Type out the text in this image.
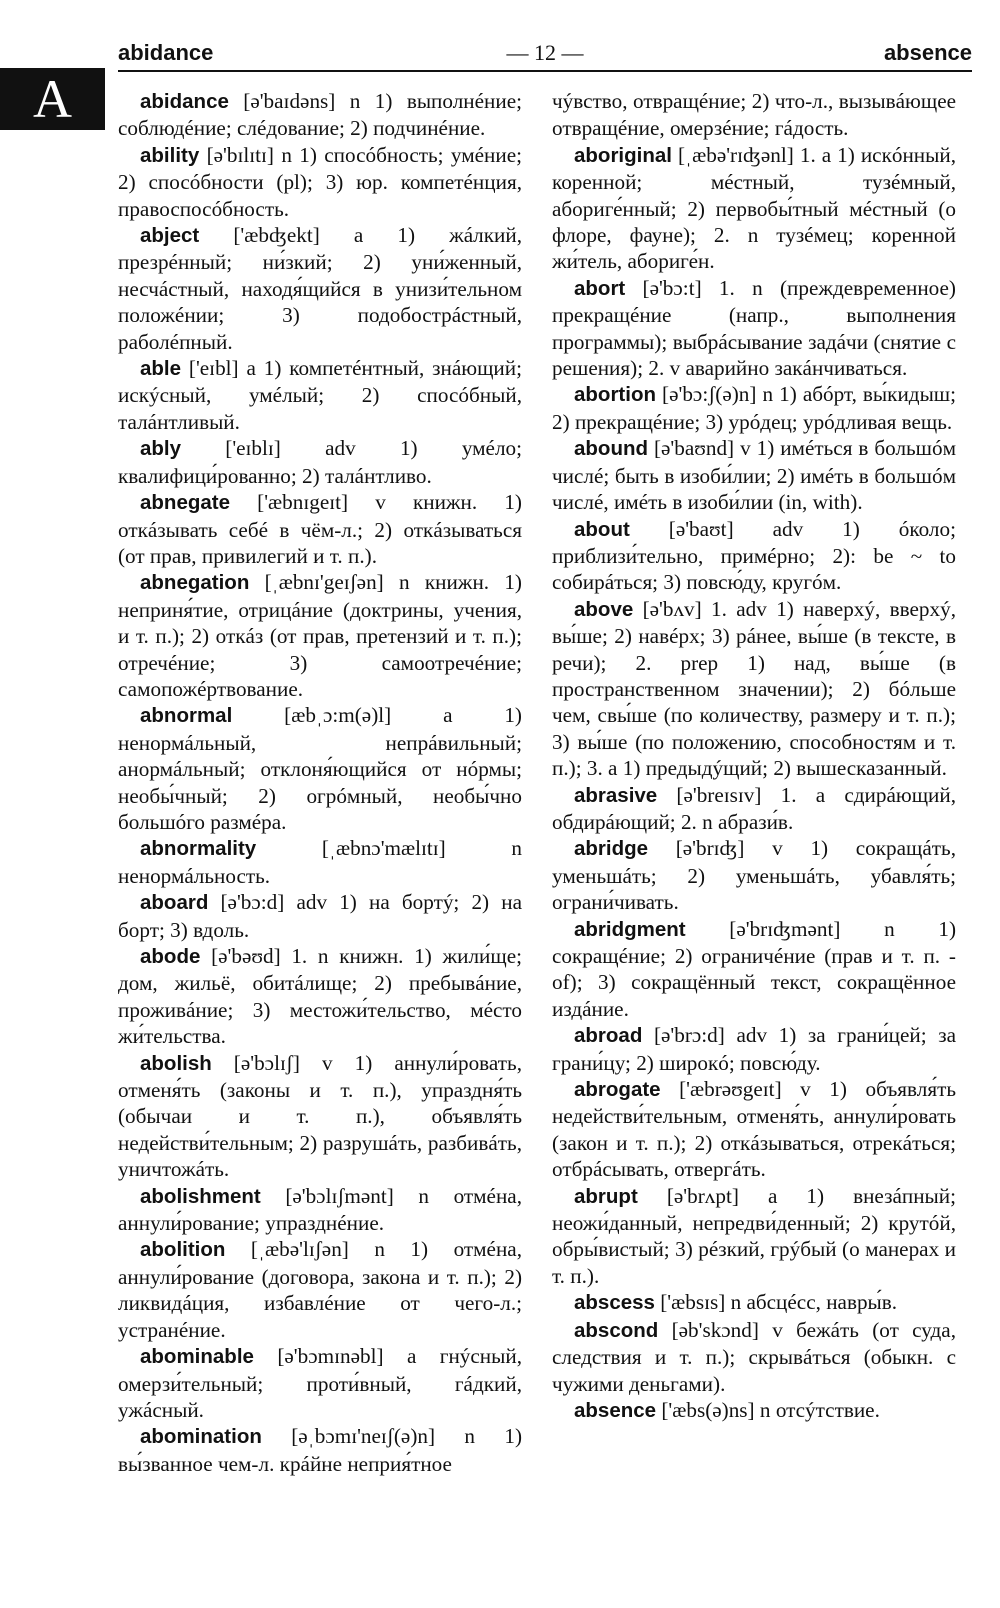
A
abidance	— 12 —	absence

abidance [ə'baɪdəns] n 1) выполнéние; соблюдéние; слéдование; 2) подчинéние.

ability [ə'bɪlɪtɪ] n 1) спосóбность; умéние; 2) спосóбности (pl); 3) юр. компетéнция, правоспосóбность.

abject ['æbʤekt] a 1) жáлкий, презрéнный; ни́зкий; 2) уни́женный, несчáстный, находя́щийся в унизи́тельном положéнии; 3) подобострáстный, раболéпный.

able ['eɪbl] a 1) компетéнтный, знáющий; искýсный, умéлый; 2) спосóбный, талáнтливый.

ably ['eɪblɪ] adv 1) умéло; квалифици́рованно; 2) талáнтливо.

abnegate ['æbnɪgeɪt] v книжн. 1) откáзывать себé в чём-л.; 2) откáзываться (от прав, привилегий и т. п.).

abnegation [ˌæbnɪ'geɪʃən] n книжн. 1) неприня́тие, отрицáние (доктрины, учения, и т. п.); 2) откáз (от прав, претензий и т. п.); отречéние; 3) самоотречéние; самопожéртвование.

abnormal [æbˌɔ:m(ə)l] a 1) ненормáльный, непрáвильный; анормáльный; отклоня́ющийся от нóрмы; необы́чный; 2) огрóмный, необы́чно большóго размéра.

abnormality [ˌæbnɔ'mælɪtɪ] n ненормáльность.

aboard [ə'bɔ:d] adv 1) на бортý; 2) на борт; 3) вдоль.

abode [ə'bəʊd] 1. n книжн. 1) жили́ще; дом, жильё, обитáлище; 2) пребывáние, проживáние; 3) местожи́тельство, мéсто жи́тельства.

abolish [ə'bɔlɪʃ] v 1) аннули́ровать, отменя́ть (законы и т. п.), упраздня́ть (обычаи и т. п.), объявля́ть недействи́тельным; 2) разрушáть, разбивáть, уничтожáть.

abolishment [ə'bɔlɪʃmənt] n отмéна, аннули́рование; упразднéние.

abolition [ˌæbə'lɪʃən] n 1) отмéна, аннули́рование (договора, закона и т. п.); 2) ликвидáция, избавлéние от чего-л.; устранéние.

abominable [ə'bɔmɪnəbl] a гнýсный, омерзи́тельный; проти́вный, гáдкий, ужáсный.

abomination [əˌbɔmɪ'neɪʃ(ə)n] n 1) вы́званное чем-л. крáйне неприя́тное

чýвство, отвращéние; 2) что-л., вызывáющее отвращéние, омерзéние; гáдость.

aboriginal [ˌæbə'rɪʤənl] 1. a 1) искóнный, коренной; мéстный, тузéмный, абориге́нный; 2) первобы́тный мéстный (о флоре, фауне); 2. n тузéмец; коренной жи́тель, абориге́н.

abort [ə'bɔ:t] 1. n (преждевременное) прекращéние (напр., выполнения программы); выбрáсывание задáчи (снятие с решения); 2. v аварийно закáнчиваться.

abortion [ə'bɔ:ʃ(ə)n] n 1) абóрт, вы́кидыш; 2) прекращéние; 3) урóдец; урóдливая вещь.

abound [ə'baʊnd] v 1) имéться в большóм числé; быть в изоби́лии; 2) имéть в большóм числé, имéть в изоби́лии (in, with).

about [ə'baʊt] adv 1) óколо; приблизи́тельно, примéрно; 2): be ~ to собирáться; 3) повсю́ду, кругóм.

above [ə'bʌv] 1. adv 1) наверхý, вверхý, вы́ше; 2) навéрх; 3) рáнее, вы́ше (в тексте, в речи); 2. prep 1) над, вы́ше (в пространственном значении); 2) бóльше чем, свы́ше (по количеству, размеру и т. п.); 3) вы́ше (по положению, способностям и т. п.); 3. a 1) предыдýщий; 2) вышесказанный.

abrasive [ə'breɪsɪv] 1. a сдирáющий, обдирáющий; 2. n абрази́в.

abridge [ə'brɪʤ] v 1) сокращáть, уменьшáть; 2) уменьшáть, убавля́ть; ограни́чивать.

abridgment [ə'brɪʤmənt] n 1) сокращéние; 2) ограничéние (прав и т. п. - of); 3) сокращённый текст, сокращённое издáние.

abroad [ə'brɔ:d] adv 1) за грани́цей; за грани́цу; 2) широкó; повсю́ду.

abrogate ['æbrəʊgeɪt] v 1) объявля́ть недействи́тельным, отменя́ть, аннули́ровать (закон и т. п.); 2) откáзываться, отрекáться; отбрáсывать, отвергáть.

abrupt [ə'brʌpt] a 1) внезáпный; неожи́данный, непредви́денный; 2) крутóй, обры́вистый; 3) рéзкий, грýбый (о манерах и т. п.).

abscess ['æbsɪs] n абсцéсс, навры́в.

abscond [əb'skɔnd] v бежáть (от суда, следствия и т. п.); скрывáться (обыкн. с чужими деньгами).

absence ['æbs(ə)ns] n отсýтствие.
